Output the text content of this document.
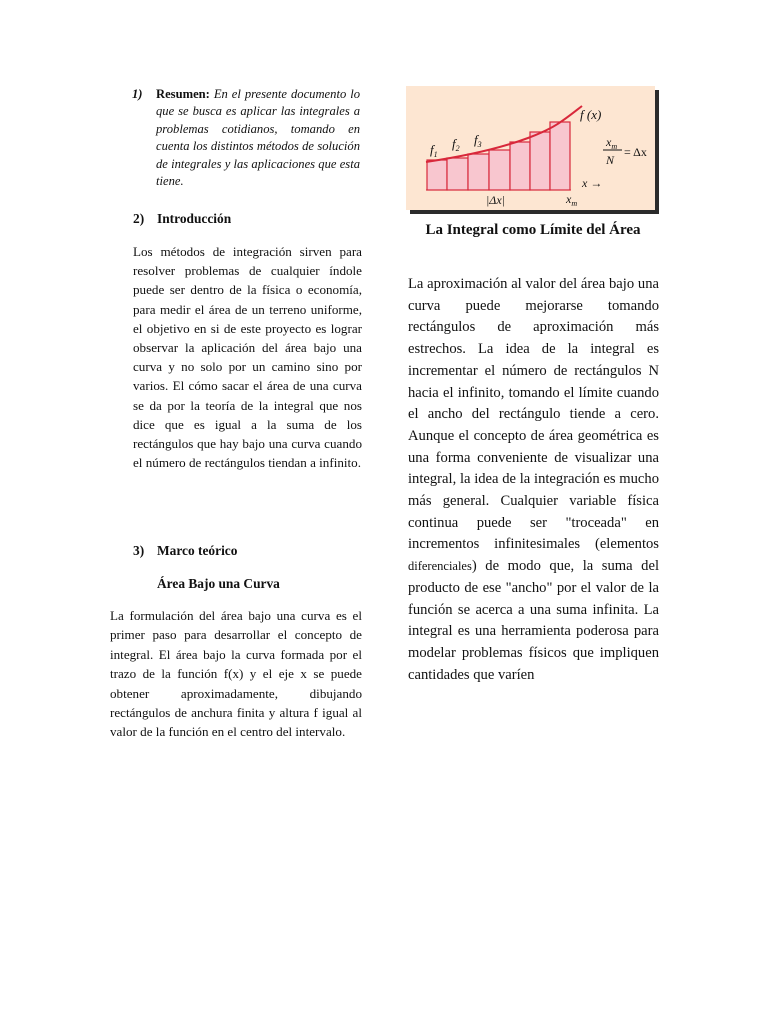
1) Resumen: En el presente documento lo que se busca es aplicar las integrales a problemas cotidianos, tomando en cuenta los distintos métodos de solución de integrales y las aplicaciones que esta tiene.
2) Introducción
Los métodos de integración sirven para resolver problemas de cualquier índole puede ser dentro de la física o economía, para medir el área de un terreno uniforme, el objetivo en si de este proyecto es lograr observar la aplicación del área bajo una curva y no solo por un camino sino por varios. El cómo sacar el área de una curva se da por la teoría de la integral que nos dice que es igual a la suma de los rectángulos que hay bajo una curva cuando el número de rectángulos tiendan a infinito.
3) Marco teórico
Área Bajo una Curva
La formulación del área bajo una curva es el primer paso para desarrollar el concepto de integral. El área bajo la curva formada por el trazo de la función f(x) y el eje x se puede obtener aproximadamente, dibujando rectángulos de anchura finita y altura f igual al valor de la función en el centro del intervalo.
f (x)
$f_1$
$f_2$
$f_3$	$x_m$
N
= Δx
x →
|Δx|	$x_m$
La Integral como Límite del Área
La aproximación al valor del área bajo una curva puede mejorarse tomando rectángulos de aproximación más estrechos. La idea de la integral es incrementar el número de rectángulos N hacia el infinito, tomando el límite cuando el ancho del rectángulo tiende a cero. Aunque el concepto de área geométrica es una forma conveniente de visualizar una integral, la idea de la integración es mucho más general. Cualquier variable física continua puede ser "troceada" en incrementos infinitesimales (elementos diferenciales) de modo que, la suma del producto de ese "ancho" por el valor de la función se acerca a una suma infinita. La integral es una herramienta poderosa para modelar problemas físicos que impliquen cantidades que varíen
